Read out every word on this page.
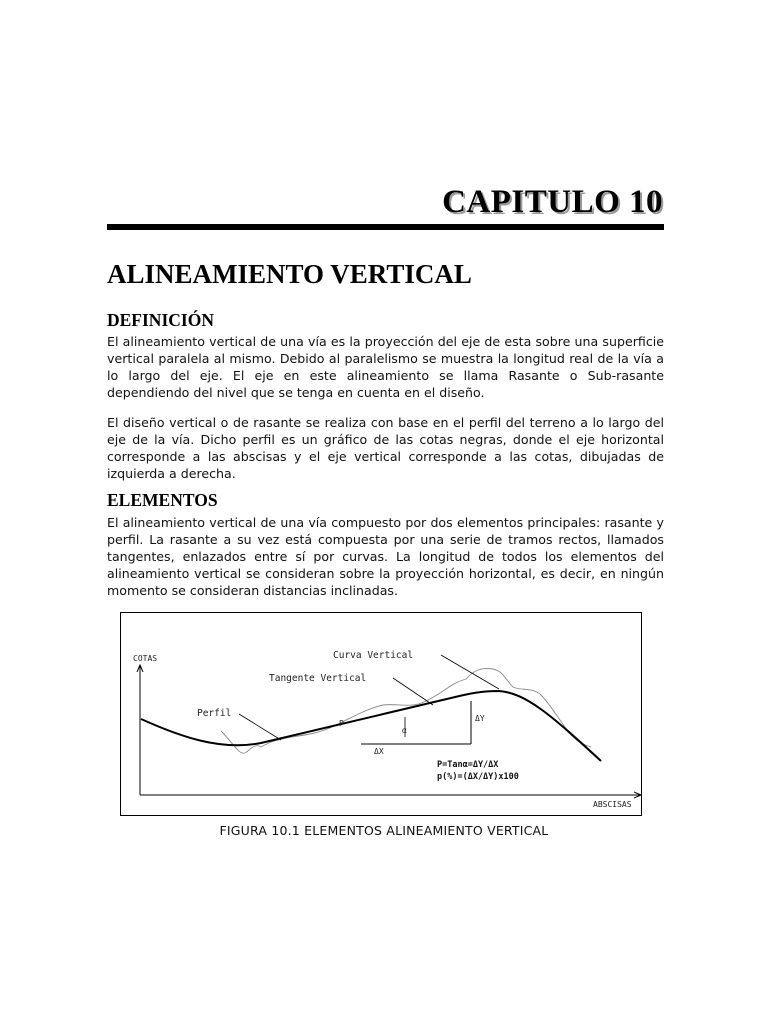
CAPITULO 10
ALINEAMIENTO VERTICAL
DEFINICIÓN

El alineamiento vertical de una vía es la proyección del eje de esta sobre una superficie vertical paralela al mismo. Debido al paralelismo se muestra la longitud real de la vía a lo largo del eje. El eje en este alineamiento se llama Rasante o Sub-rasante dependiendo del nivel que se tenga en cuenta en el diseño.

El diseño vertical o de rasante se realiza con base en el perfil del terreno a lo largo del eje de la vía. Dicho perfil es un gráfico de las cotas negras, donde el eje horizontal corresponde a las abscisas y el eje vertical corresponde a las cotas, dibujadas de izquierda a derecha.

ELEMENTOS

El alineamiento vertical de una vía compuesto por dos elementos principales: rasante y perfil. La rasante a su vez está compuesta por una serie de tramos rectos, llamados tangentes, enlazados entre sí por curvas. La longitud de todos los elementos del alineamiento vertical se consideran sobre la proyección horizontal, es decir, en ningún momento se consideran distancias inclinadas.

COTAS
ABSCISAS
Curva Vertical
Tangente Vertical
Perfil
P
α
ΔY
ΔX
P=Tanα=ΔY/ΔX
p(%)=(ΔX/ΔY)x100
FIGURA 10.1 ELEMENTOS ALINEAMIENTO VERTICAL
